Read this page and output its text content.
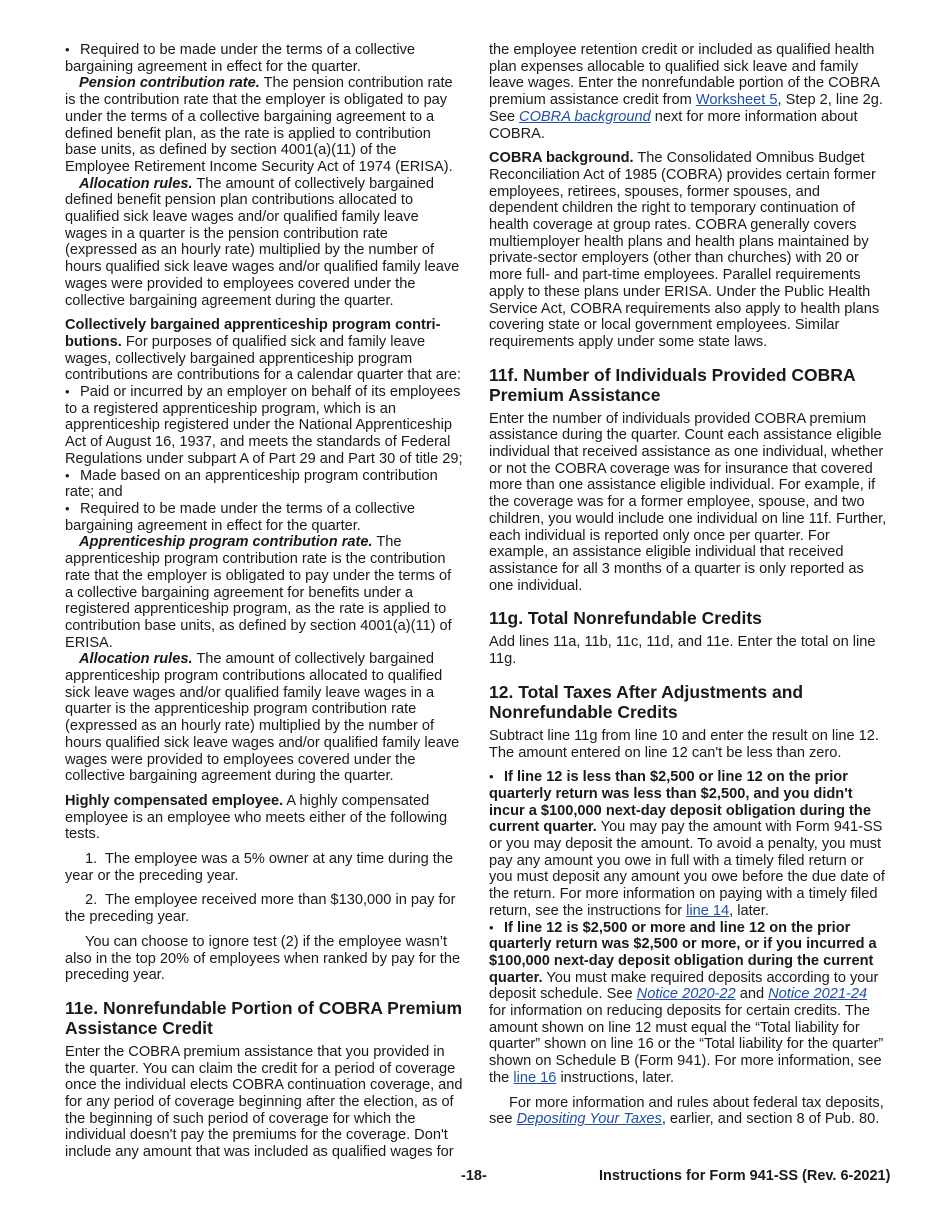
• Required to be made under the terms of a collective bargaining agreement in effect for the quarter.

Pension contribution rate. The pension contribution rate is the contribution rate that the employer is obligated to pay under the terms of a collective bargaining agreement to a defined benefit plan, as the rate is applied to contribution base units, as defined by section 4001(a)(11) of the Employee Retirement Income Security Act of 1974 (ERISA).

Allocation rules. The amount of collectively bargained defined benefit pension plan contributions allocated to qualified sick leave wages and/or qualified family leave wages in a quarter is the pension contribution rate (expressed as an hourly rate) multiplied by the number of hours qualified sick leave wages and/or qualified family leave wages were provided to employees covered under the collective bargaining agreement during the quarter.

Collectively bargained apprenticeship program contri-butions. For purposes of qualified sick and family leave wages, collectively bargained apprenticeship program contributions are contributions for a calendar quarter that are:

• Paid or incurred by an employer on behalf of its employees to a registered apprenticeship program, which is an apprenticeship registered under the National Apprenticeship Act of August 16, 1937, and meets the standards of Federal Regulations under subpart A of Part 29 and Part 30 of title 29;

• Made based on an apprenticeship program contribution rate; and

• Required to be made under the terms of a collective bargaining agreement in effect for the quarter.

Apprenticeship program contribution rate. The apprenticeship program contribution rate is the contribution rate that the employer is obligated to pay under the terms of a collective bargaining agreement for benefits under a registered apprenticeship program, as the rate is applied to contribution base units, as defined by section 4001(a)(11) of ERISA.

Allocation rules. The amount of collectively bargained apprenticeship program contributions allocated to qualified sick leave wages and/or qualified family leave wages in a quarter is the apprenticeship program contribution rate (expressed as an hourly rate) multiplied by the number of hours qualified sick leave wages and/or qualified family leave wages were provided to employees covered under the collective bargaining agreement during the quarter.

Highly compensated employee. A highly compensated employee is an employee who meets either of the following tests.

1.  The employee was a 5% owner at any time during the year or the preceding year.

2.  The employee received more than $130,000 in pay for the preceding year.

You can choose to ignore test (2) if the employee wasn’t also in the top 20% of employees when ranked by pay for the preceding year.

11e. Nonrefundable Portion of COBRA Premium Assistance Credit

Enter the COBRA premium assistance that you provided in the quarter. You can claim the credit for a period of coverage once the individual elects COBRA continuation coverage, and for any period of coverage beginning after the election, as of the beginning of such period of coverage for which the individual doesn't pay the premiums for the coverage. Don't include any amount that was included as qualified wages for

the employee retention credit or included as qualified health plan expenses allocable to qualified sick leave and family leave wages. Enter the nonrefundable portion of the COBRA premium assistance credit from Worksheet 5, Step 2, line 2g. See COBRA background next for more information about COBRA.

COBRA background. The Consolidated Omnibus Budget Reconciliation Act of 1985 (COBRA) provides certain former employees, retirees, spouses, former spouses, and dependent children the right to temporary continuation of health coverage at group rates. COBRA generally covers multiemployer health plans and health plans maintained by private-sector employers (other than churches) with 20 or more full- and part-time employees. Parallel requirements apply to these plans under ERISA. Under the Public Health Service Act, COBRA requirements also apply to health plans covering state or local government employees. Similar requirements apply under some state laws.

11f. Number of Individuals Provided COBRA Premium Assistance

Enter the number of individuals provided COBRA premium assistance during the quarter. Count each assistance eligible individual that received assistance as one individual, whether or not the COBRA coverage was for insurance that covered more than one assistance eligible individual. For example, if the coverage was for a former employee, spouse, and two children, you would include one individual on line 11f. Further, each individual is reported only once per quarter. For example, an assistance eligible individual that received assistance for all 3 months of a quarter is only reported as one individual.

11g. Total Nonrefundable Credits

Add lines 11a, 11b, 11c, 11d, and 11e. Enter the total on line 11g.

12. Total Taxes After Adjustments and Nonrefundable Credits

Subtract line 11g from line 10 and enter the result on line 12. The amount entered on line 12 can't be less than zero.

• If line 12 is less than $2,500 or line 12 on the prior quarterly return was less than $2,500, and you didn't incur a $100,000 next-day deposit obligation during the current quarter. You may pay the amount with Form 941-SS or you may deposit the amount. To avoid a penalty, you must pay any amount you owe in full with a timely filed return or you must deposit any amount you owe before the due date of the return. For more information on paying with a timely filed return, see the instructions for line 14, later.

• If line 12 is $2,500 or more and line 12 on the prior quarterly return was $2,500 or more, or if you incurred a $100,000 next-day deposit obligation during the current quarter. You must make required deposits according to your deposit schedule. See Notice 2020-22 and Notice 2021-24 for information on reducing deposits for certain credits. The amount shown on line 12 must equal the “Total liability for quarter” shown on line 16 or the “Total liability for the quarter” shown on Schedule B (Form 941). For more information, see the line 16 instructions, later.

For more information and rules about federal tax deposits, see Depositing Your Taxes, earlier, and section 8 of Pub. 80.

-18-	Instructions for Form 941-SS (Rev. 6-2021)
